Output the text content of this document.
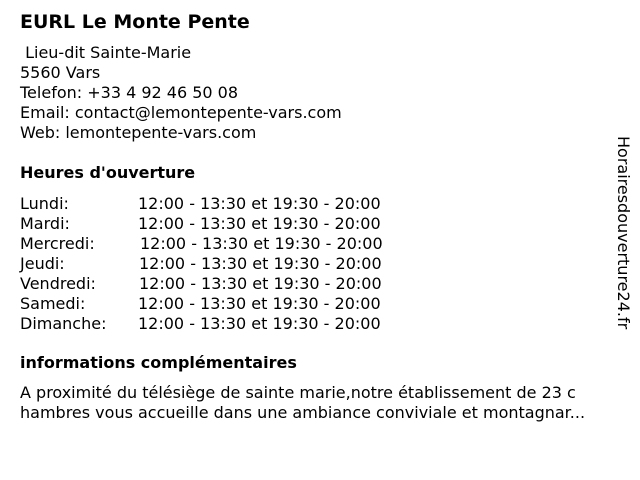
EURL Le Monte Pente
Lieu-dit Sainte-Marie
5560 Vars
Telefon: +33 4 92 46 50 08
Email: contact@lemontepente-vars.com
Web: lemontepente-vars.com
Heures d'ouverture
Lundi:	12:00 - 13:30 et 19:30 - 20:00
Mardi:	12:00 - 13:30 et 19:30 - 20:00
Mercredi:	12:00 - 13:30 et 19:30 - 20:00
Jeudi:	12:00 - 13:30 et 19:30 - 20:00
Vendredi:	12:00 - 13:30 et 19:30 - 20:00
Samedi:	12:00 - 13:30 et 19:30 - 20:00
Dimanche:	12:00 - 13:30 et 19:30 - 20:00
informations complémentaires
A proximité du télésiège de sainte marie,notre établissement de 23 c
hambres vous accueille dans une ambiance conviviale et montagnar...
Horairesdouverture24.fr
